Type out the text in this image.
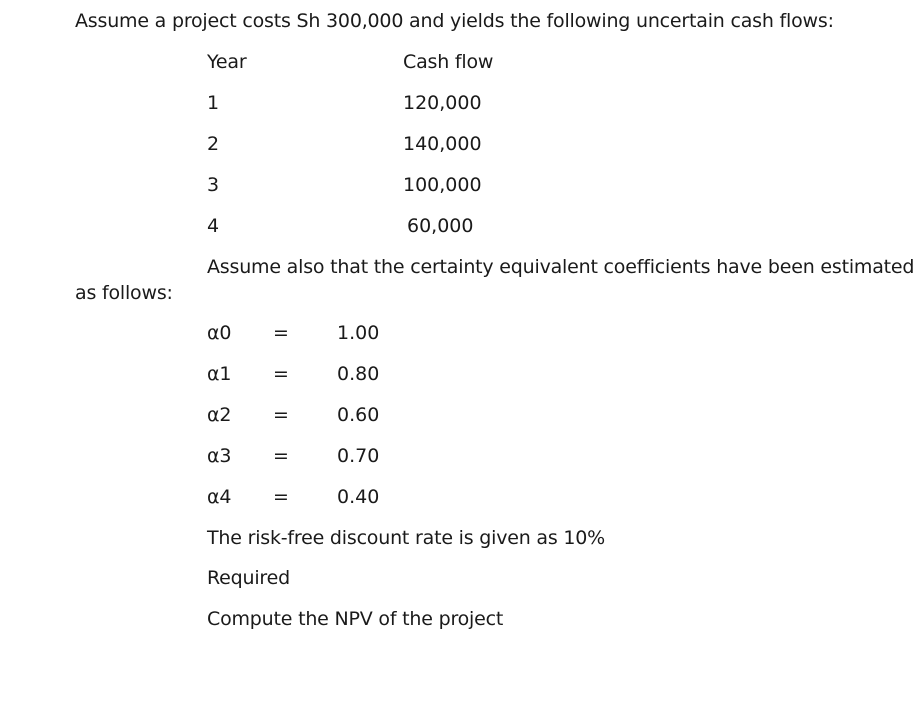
Assume a project costs Sh 300,000 and yields the following uncertain cash flows:
Year	Cash flow
1	120,000
2	140,000
3	100,000
4	60,000
Assume also that the certainty equivalent coefficients have been estimated
as follows:
α0 =	1.00
α1 =	0.80
α2 =	0.60
α3 =	0.70
α4 =	0.40
The risk-free discount rate is given as 10%
Required
Compute the NPV of the project
